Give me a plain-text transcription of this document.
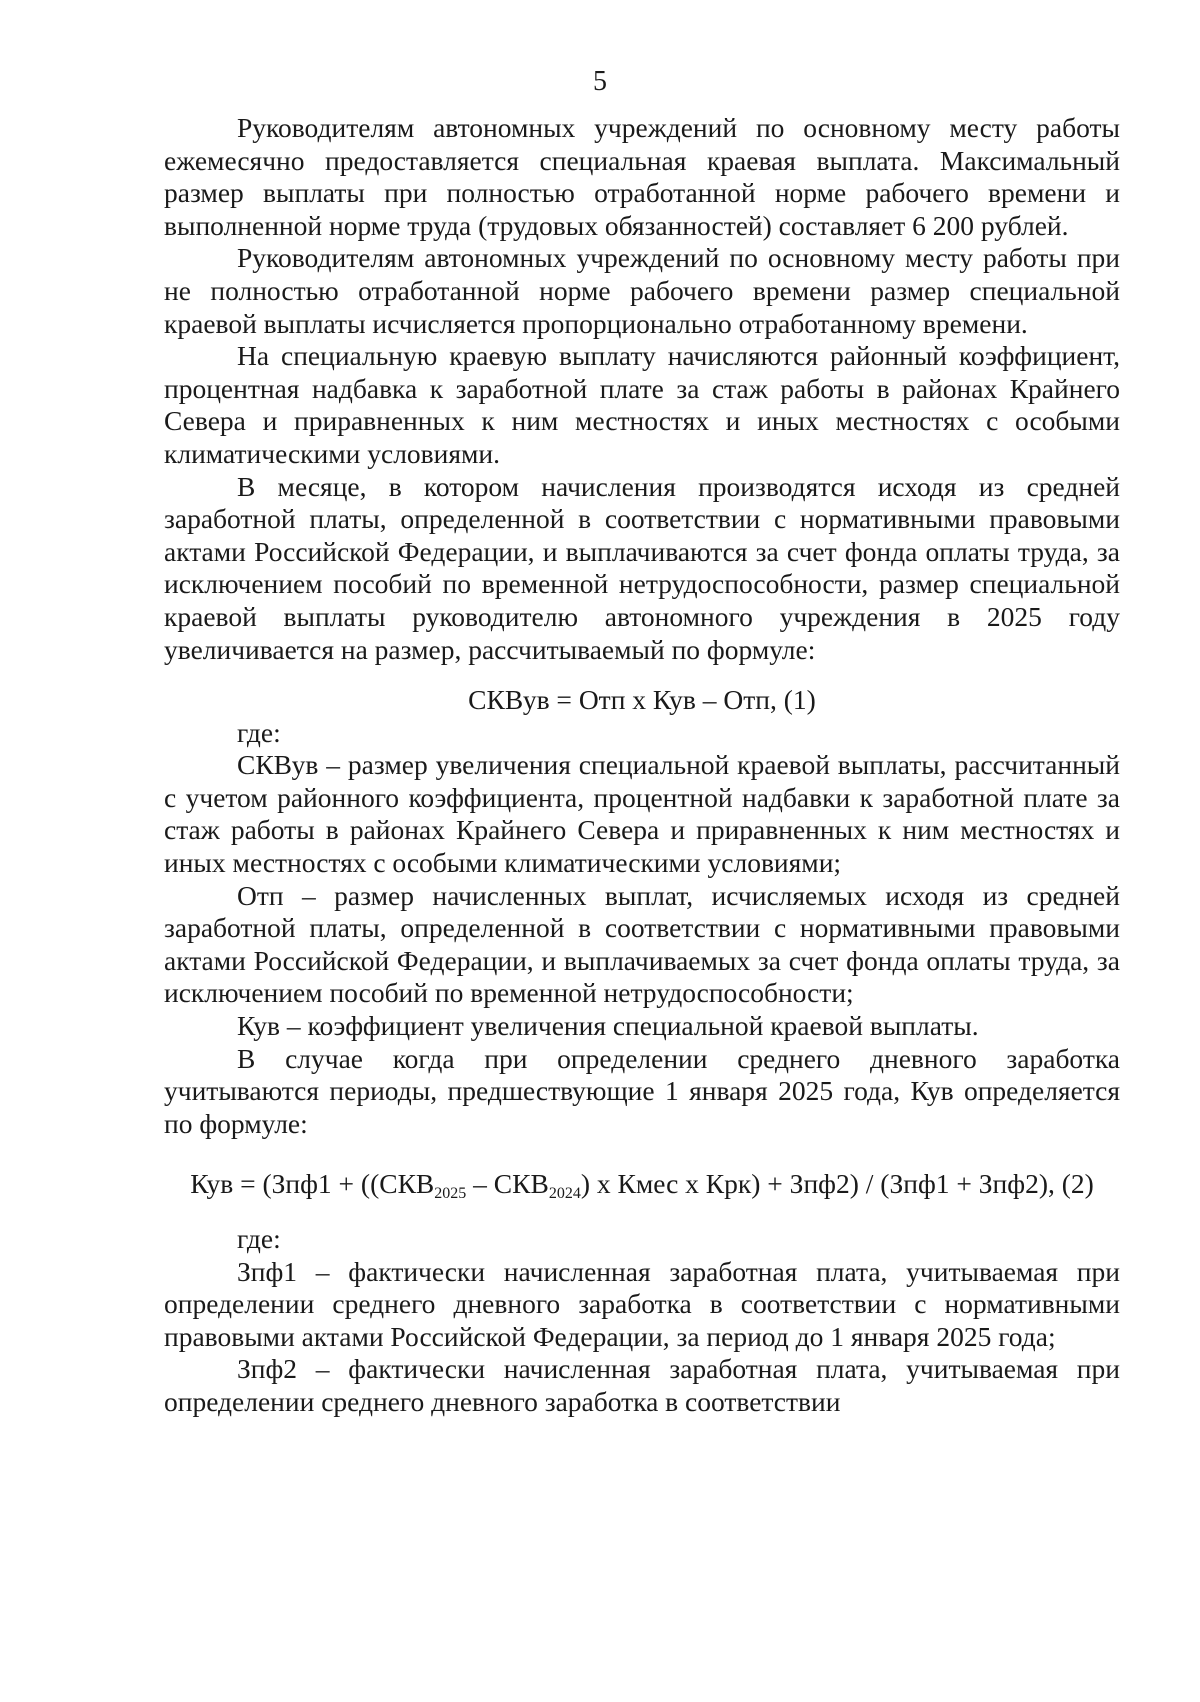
5

Руководителям автономных учреждений по основному месту работы ежемесячно предоставляется специальная краевая выплата. Максимальный размер выплаты при полностью отработанной норме рабочего времени и выполненной норме труда (трудовых обязанностей) составляет 6 200 рублей.

Руководителям автономных учреждений по основному месту работы при не полностью отработанной норме рабочего времени размер специальной краевой выплаты исчисляется пропорционально отработанному времени.

На специальную краевую выплату начисляются районный коэффициент, процентная надбавка к заработной плате за стаж работы в районах Крайнего Севера и приравненных к ним местностях и иных местностях с особыми климатическими условиями.

В месяце, в котором начисления производятся исходя из средней заработной платы, определенной в соответствии с нормативными правовыми актами Российской Федерации, и выплачиваются за счет фонда оплаты труда, за исключением пособий по временной нетрудоспособности, размер специальной краевой выплаты руководителю автономного учреждения в 2025 году увеличивается на размер, рассчитываемый по формуле:

СКВув = Отп х Кув – Отп, (1)

где:

СКВув – размер увеличения специальной краевой выплаты, рассчитанный с учетом районного коэффициента, процентной надбавки к заработной плате за стаж работы в районах Крайнего Севера и приравненных к ним местностях и иных местностях с особыми климатическими условиями;

Отп – размер начисленных выплат, исчисляемых исходя из средней заработной платы, определенной в соответствии с нормативными правовыми актами Российской Федерации, и выплачиваемых за счет фонда оплаты труда, за исключением пособий по временной нетрудоспособности;

Кув – коэффициент увеличения специальной краевой выплаты.

В случае когда при определении среднего дневного заработка учитываются периоды, предшествующие 1 января 2025 года, Кув определяется по формуле:

Кув = ($Зпф1 + ((СКВ_{2025} - СКВ_{2024})$ х Кмес х Крк) + Зпф2) / (Зпф1 + Зпф2), (2)

где:

Зпф1 – фактически начисленная заработная плата, учитываемая при определении среднего дневного заработка в соответствии с нормативными правовыми актами Российской Федерации, за период до 1 января 2025 года;

Зпф2 – фактически начисленная заработная плата, учитываемая при определении среднего дневного заработка в соответствии
